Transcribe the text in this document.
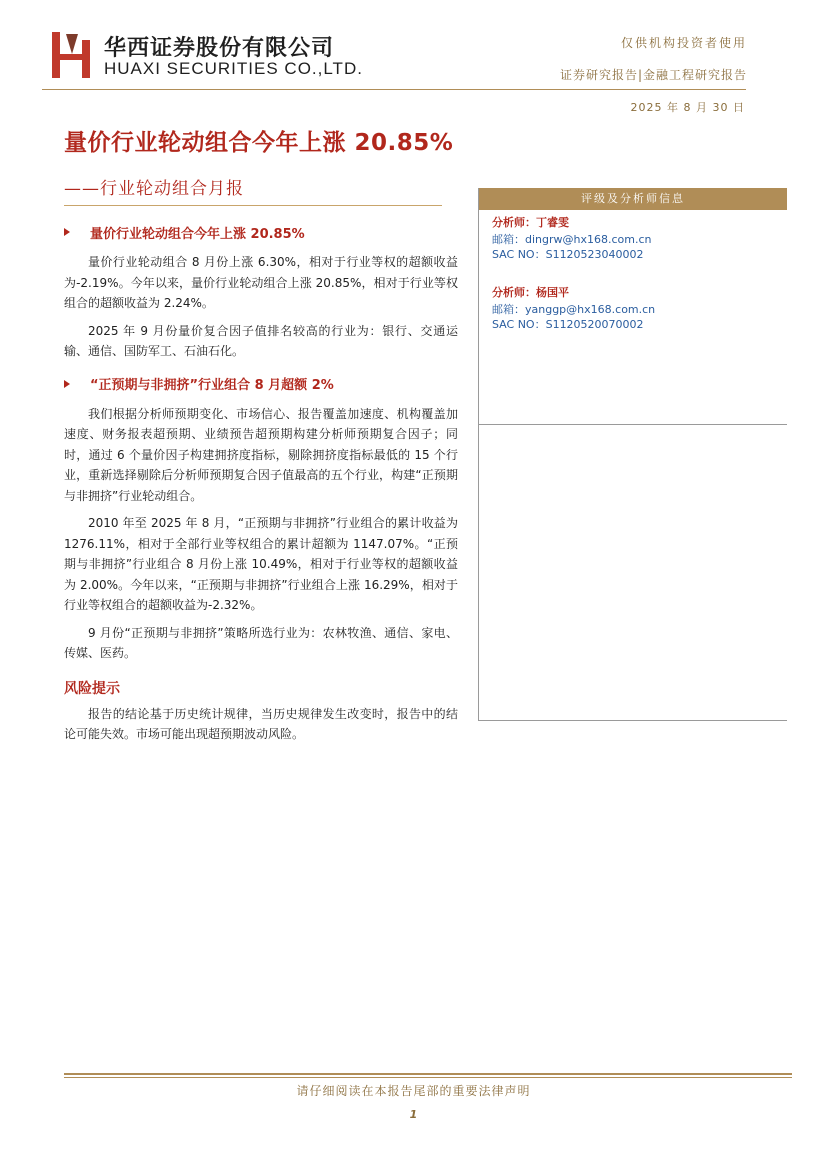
华西证券股份有限公司
HUAXI SECURITIES CO.,LTD.
仅供机构投资者使用
证券研究报告|金融工程研究报告
2025 年 8 月 30 日
量价行业轮动组合今年上涨 20.85%
——行业轮动组合月报
量价行业轮动组合今年上涨 20.85%

量价行业轮动组合 8 月份上涨 6.30%，相对于行业等权的超额收益为-2.19%。今年以来，量价行业轮动组合上涨 20.85%，相对于行业等权组合的超额收益为 2.24%。

2025 年 9 月份量价复合因子值排名较高的行业为：银行、交通运输、通信、国防军工、石油石化。

“正预期与非拥挤”行业组合 8 月超额 2%

我们根据分析师预期变化、市场信心、报告覆盖加速度、机构覆盖加速度、财务报表超预期、业绩预告超预期构建分析师预期复合因子；同时，通过 6 个量价因子构建拥挤度指标，剔除拥挤度指标最低的 15 个行业，重新选择剔除后分析师预期复合因子值最高的五个行业，构建“正预期与非拥挤”行业轮动组合。

2010 年至 2025 年 8 月，“正预期与非拥挤”行业组合的累计收益为 1276.11%，相对于全部行业等权组合的累计超额为 1147.07%。“正预期与非拥挤”行业组合 8 月份上涨 10.49%，相对于行业等权的超额收益为 2.00%。今年以来，“正预期与非拥挤”行业组合上涨 16.29%，相对于行业等权组合的超额收益为-2.32%。

9 月份“正预期与非拥挤”策略所选行业为：农林牧渔、通信、家电、传媒、医药。

风险提示

报告的结论基于历史统计规律，当历史规律发生改变时，报告中的结论可能失效。市场可能出现超预期波动风险。

评级及分析师信息
分析师：丁睿雯
邮箱：dingrw@hx168.com.cn
SAC NO：S1120523040002
分析师：杨国平
邮箱：yanggp@hx168.com.cn
SAC NO：S1120520070002
请仔细阅读在本报告尾部的重要法律声明
1
